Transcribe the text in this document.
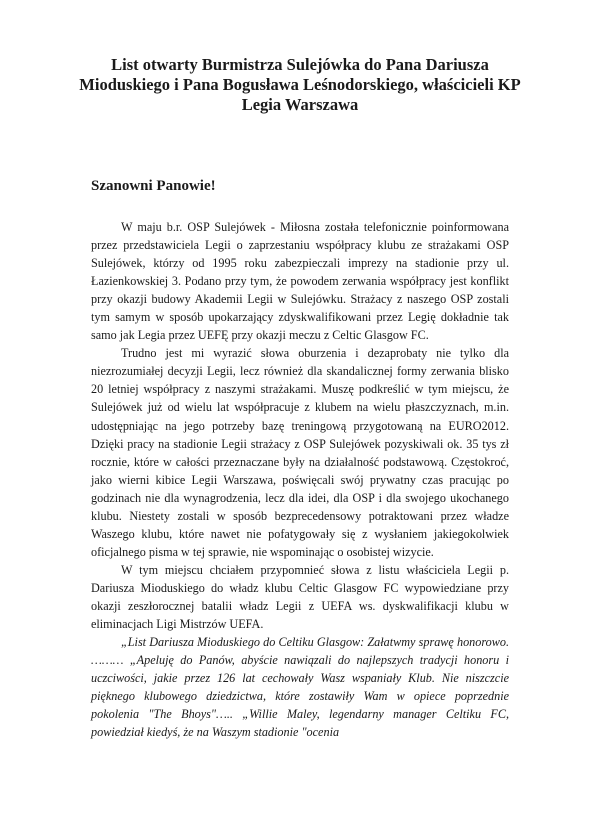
List otwarty Burmistrza Sulejówka do Pana Dariusza
Mioduskiego i Pana Bogusława Leśnodorskiego, właścicieli KP
Legia Warszawa
Szanowni Panowie!

W maju b.r. OSP Sulejówek - Miłosna została telefonicznie poinformowana przez przedstawiciela Legii o zaprzestaniu współpracy klubu ze strażakami OSP Sulejówek, którzy od 1995 roku zabezpieczali imprezy na stadionie przy ul. Łazienkowskiej 3. Podano przy tym, że powodem zerwania współpracy jest konflikt przy okazji budowy Akademii Legii w Sulejówku. Strażacy z naszego OSP zostali tym samym w sposób upokarzający zdyskwalifikowani przez Legię dokładnie tak samo jak Legia przez UEFĘ przy okazji meczu z Celtic Glasgow FC.

Trudno jest mi wyrazić słowa oburzenia i dezaprobaty nie tylko dla niezrozumiałej decyzji Legii, lecz również dla skandalicznej formy zerwania blisko 20 letniej współpracy z naszymi strażakami. Muszę podkreślić w tym miejscu, że Sulejówek już od wielu lat współpracuje z klubem na wielu płaszczyznach, m.in. udostępniając na jego potrzeby bazę treningową przygotowaną na EURO2012. Dzięki pracy na stadionie Legii strażacy z OSP Sulejówek pozyskiwali ok. 35 tys zł rocznie, które w całości przeznaczane były na działalność podstawową. Częstokroć, jako wierni kibice Legii Warszawa, poświęcali swój prywatny czas pracując po godzinach nie dla wynagrodzenia, lecz dla idei, dla OSP i dla swojego ukochanego klubu. Niestety zostali w sposób bezprecedensowy potraktowani przez władze Waszego klubu, które nawet nie pofatygowały się z wysłaniem jakiegokolwiek oficjalnego pisma w tej sprawie, nie wspominając o osobistej wizycie.

W tym miejscu chciałem przypomnieć słowa z listu właściciela Legii p. Dariusza Mioduskiego do władz klubu Celtic Glasgow FC wypowiedziane przy okazji zeszłorocznej batalii władz Legii z UEFA ws. dyskwalifikacji klubu w eliminacjach Ligi Mistrzów UEFA.

„List Dariusza Mioduskiego do Celtiku Glasgow: Załatwmy sprawę honorowo. ……… „Apeluję do Panów, abyście nawiązali do najlepszych tradycji honoru i uczciwości, jakie przez 126 lat cechowały Wasz wspaniały Klub. Nie niszczcie pięknego klubowego dziedzictwa, które zostawiły Wam w opiece poprzednie pokolenia "The Bhoys"….. „Willie Maley, legendarny manager Celtiku FC, powiedział kiedyś, że na Waszym stadionie "ocenia
